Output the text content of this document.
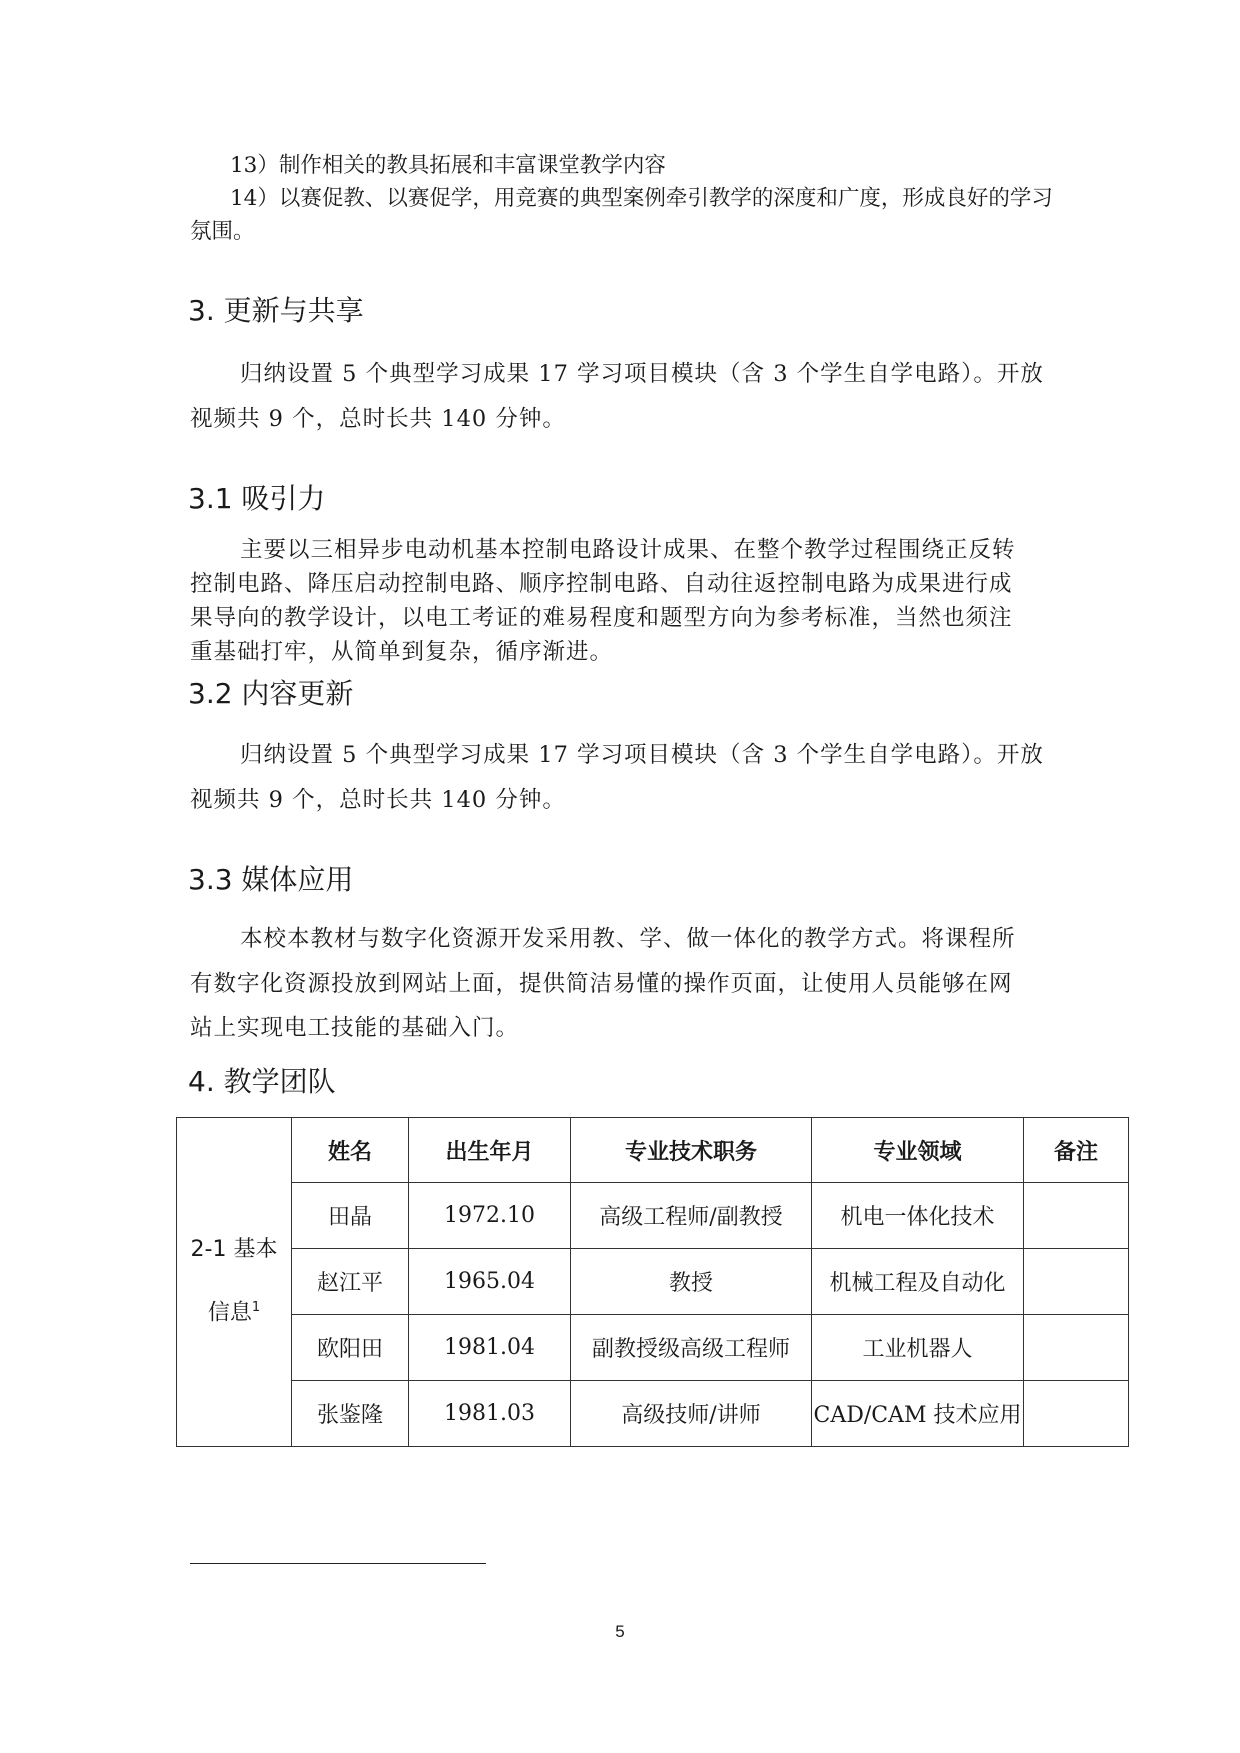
13）制作相关的教具拓展和丰富课堂教学内容
14）以赛促教、以赛促学，用竞赛的典型案例牵引教学的深度和广度，形成良好的学习
氛围。
3. 更新与共享
归纳设置 5 个典型学习成果 17 学习项目模块（含 3 个学生自学电路）。开放
视频共 9 个，总时长共 140 分钟。
3.1 吸引力
主要以三相异步电动机基本控制电路设计成果、在整个教学过程围绕正反转
控制电路、降压启动控制电路、顺序控制电路、自动往返控制电路为成果进行成
果导向的教学设计，以电工考证的难易程度和题型方向为参考标准，当然也须注
重基础打牢，从简单到复杂，循序渐进。
3.2 内容更新
归纳设置 5 个典型学习成果 17 学习项目模块（含 3 个学生自学电路）。开放
视频共 9 个，总时长共 140 分钟。
3.3 媒体应用
本校本教材与数字化资源开发采用教、学、做一体化的教学方式。将课程所
有数字化资源投放到网站上面，提供简洁易懂的操作页面，让使用人员能够在网
站上实现电工技能的基础入门。
4. 教学团队
2-1 基本
信息$^1$	姓名	出生年月	专业技术职务	专业领域	备注
	田晶	1972.10	高级工程师/副教授	机电一体化技术	
	赵江平	1965.04	教授	机械工程及自动化	
	欧阳田	1981.04	副教授级高级工程师	工业机器人	
	张鉴隆	1981.03	高级技师/讲师	CAD/CAM 技术应用	
5
